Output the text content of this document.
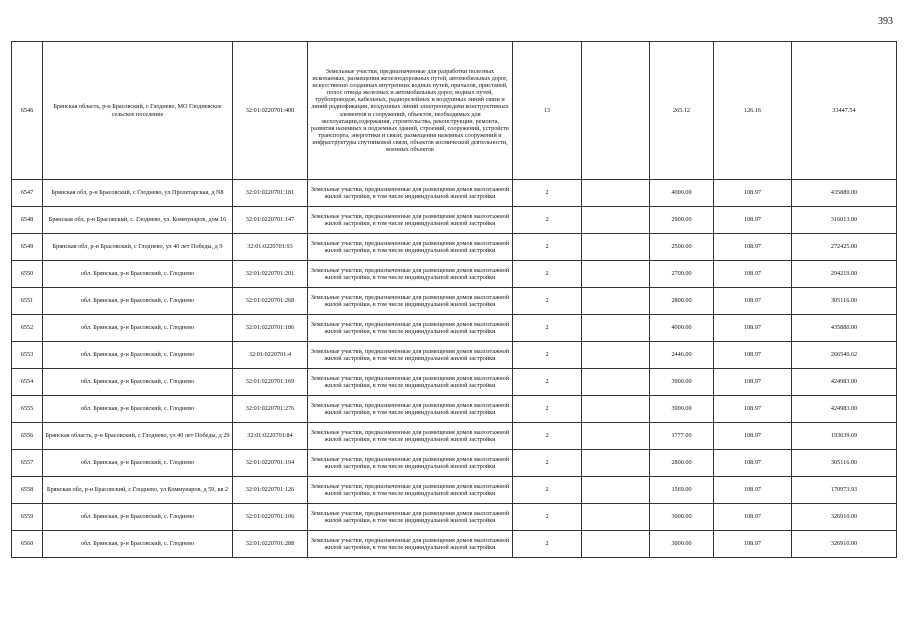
393
6546	Брянская область, р-н Брасовский, с Глоднево, МО Глодневское сельское поселение	32:01:0220701:400	Земельные участки, предназначенные для разработки полезных ископаемых, размещения железнодорожных путей, автомобильных дорог, искусственно созданных внутренних водных путей, причалов, пристаней, полос отвода железных и автомобильных дорог, водных путей, трубопроводов, кабельных, радиорелейных и воздушных линий связи и линий радиофикации, воздушных линий электропередачи конструктивных элементов и сооружений, объектов, необходимых для эксплуатации,содержания, строительства, реконструкции, ремонта, развития наземных и подземных зданий, строений, сооружений, устройств транспорта, энергетики и связи; размещения наземных сооружений и инфраструктуры спутниковой связи, объектов космической деятельности, военных объектов	13		265.12	126.16	33447.54
6547	Брянская обл, р-н Брасовский, с Глоднево, ул Пролетарская, д N8	32:01:0220701:181	Земельные участки, предназначенные для размещения домов малоэтажной жилой застройки, в том числе индивидуальной жилой застройки	2		4000.00	108.97	435880.00
6548	Брянская обл, р-н Брасовский, с. Глоднево, ул. Коммунаров, дом 16	32:01:0220701:147	Земельные участки, предназначенные для размещения домов малоэтажной жилой застройки, в том числе индивидуальной жилой застройки	2		2900.00	108.97	316013.00
6549	Брянская обл, р-н Брасовский, с Глоднево, ул 40 лет Победы, д 9	32:01:0220701:93	Земельные участки, предназначенные для размещения домов малоэтажной жилой застройки, в том числе индивидуальной жилой застройки	2		2500.00	108.97	272425.00
6550	обл. Брянская, р-н Брасовский, с. Глоднево	32:01:0220701:201	Земельные участки, предназначенные для размещения домов малоэтажной жилой застройки, в том числе индивидуальной жилой застройки	2		2700.00	108.97	294219.00
6551	обл. Брянская, р-н Брасовский, с. Глоднево	32:01:0220701:268	Земельные участки, предназначенные для размещения домов малоэтажной жилой застройки, в том числе индивидуальной жилой застройки	2		2800.00	108.97	305116.00
6552	обл. Брянская, р-н Брасовский, с. Глоднево	32:01:0220701:186	Земельные участки, предназначенные для размещения домов малоэтажной жилой застройки, в том числе индивидуальной жилой застройки	2		4000.00	108.97	435880.00
6553	обл. Брянская, р-н Брасовский, с. Глоднево	32:01:0220701:4	Земельные участки, предназначенные для размещения домов малоэтажной жилой застройки, в том числе индивидуальной жилой застройки	2		2446.00	108.97	266540.62
6554	обл. Брянская, р-н Брасовский, с. Глоднево	32:01:0220701:169	Земельные участки, предназначенные для размещения домов малоэтажной жилой застройки, в том числе индивидуальной жилой застройки	2		3900.00	108.97	424983.00
6555	обл. Брянская, р-н Брасовский, с. Глоднево	32:01:0220701:276	Земельные участки, предназначенные для размещения домов малоэтажной жилой застройки, в том числе индивидуальной жилой застройки	2		3900.00	108.97	424983.00
6556	Брянская область, р-н Брасовский, с Глоднево, ул 40 лет Победы, д 29	32:01:0220701:84	Земельные участки, предназначенные для размещения домов малоэтажной жилой застройки, в том числе индивидуальной жилой застройки	2		1777.00	108.97	193639.69
6557	обл. Брянская, р-н Брасовский, с. Глоднево	32:01:0220701:194	Земельные участки, предназначенные для размещения домов малоэтажной жилой застройки, в том числе индивидуальной жилой застройки	2		2800.00	108.97	305116.00
6558	Брянская обл, р-н Брасовский, с Глоднево, ул Коммунаров, д 59, кв 2	32:01:0220701:126	Земельные участки, предназначенные для размещения домов малоэтажной жилой застройки, в том числе индивидуальной жилой застройки	2		1569.00	108.97	170973.93
6559	обл. Брянская, р-н Брасовский, с. Глоднево	32:01:0220701:106	Земельные участки, предназначенные для размещения домов малоэтажной жилой застройки, в том числе индивидуальной жилой застройки	2		3000.00	108.97	326910.00
6560	обл. Брянская, р-н Брасовский, с. Глоднево	32:01:0220701:288	Земельные участки, предназначенные для размещения домов малоэтажной жилой застройки, в том числе индивидуальной жилой застройки	2		3000.00	108.97	326910.00
